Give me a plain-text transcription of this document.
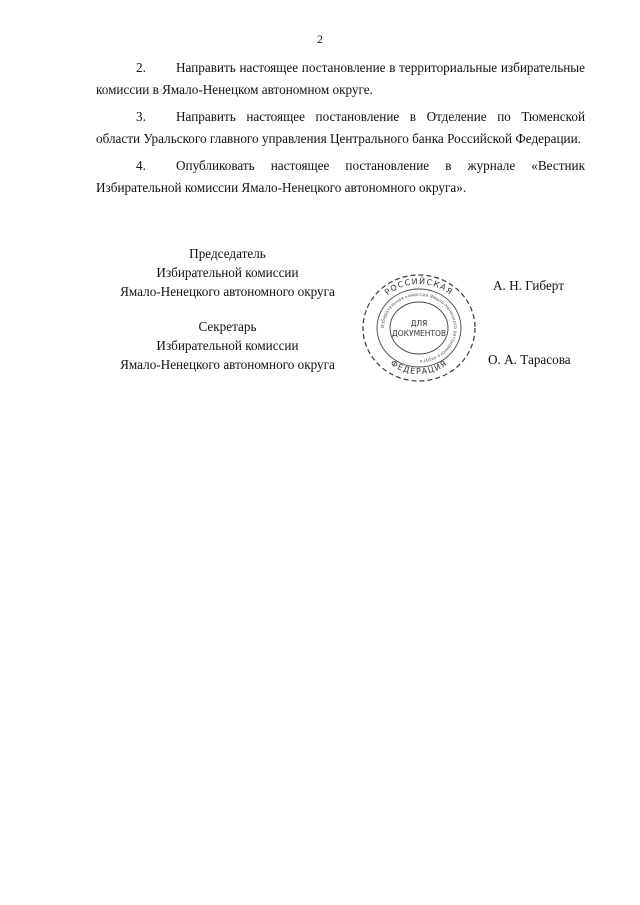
2

2. Направить настоящее постановление в территориальные избирательные комиссии в Ямало-Ненецком автономном округе.

3. Направить настоящее постановление в Отделение по Тюменской области Уральского главного управления Центрального банка Российской Федерации.

4. Опубликовать настоящее постановление в журнале «Вестник Избирательной комиссии Ямало-Ненецкого автономного округа».

Председатель
Избирательной комиссии
Ямало-Ненецкого автономного округа	А. Н. Гиберт
Секретарь
Избирательной комиссии
Ямало-Ненецкого автономного округа	О. А. Тарасова
РОССИЙСКАЯ
ФЕДЕРАЦИЯ
Избирательная комиссия Ямало-Ненецкого автономного округа
ДЛЯ
ДОКУМЕНТОВ
